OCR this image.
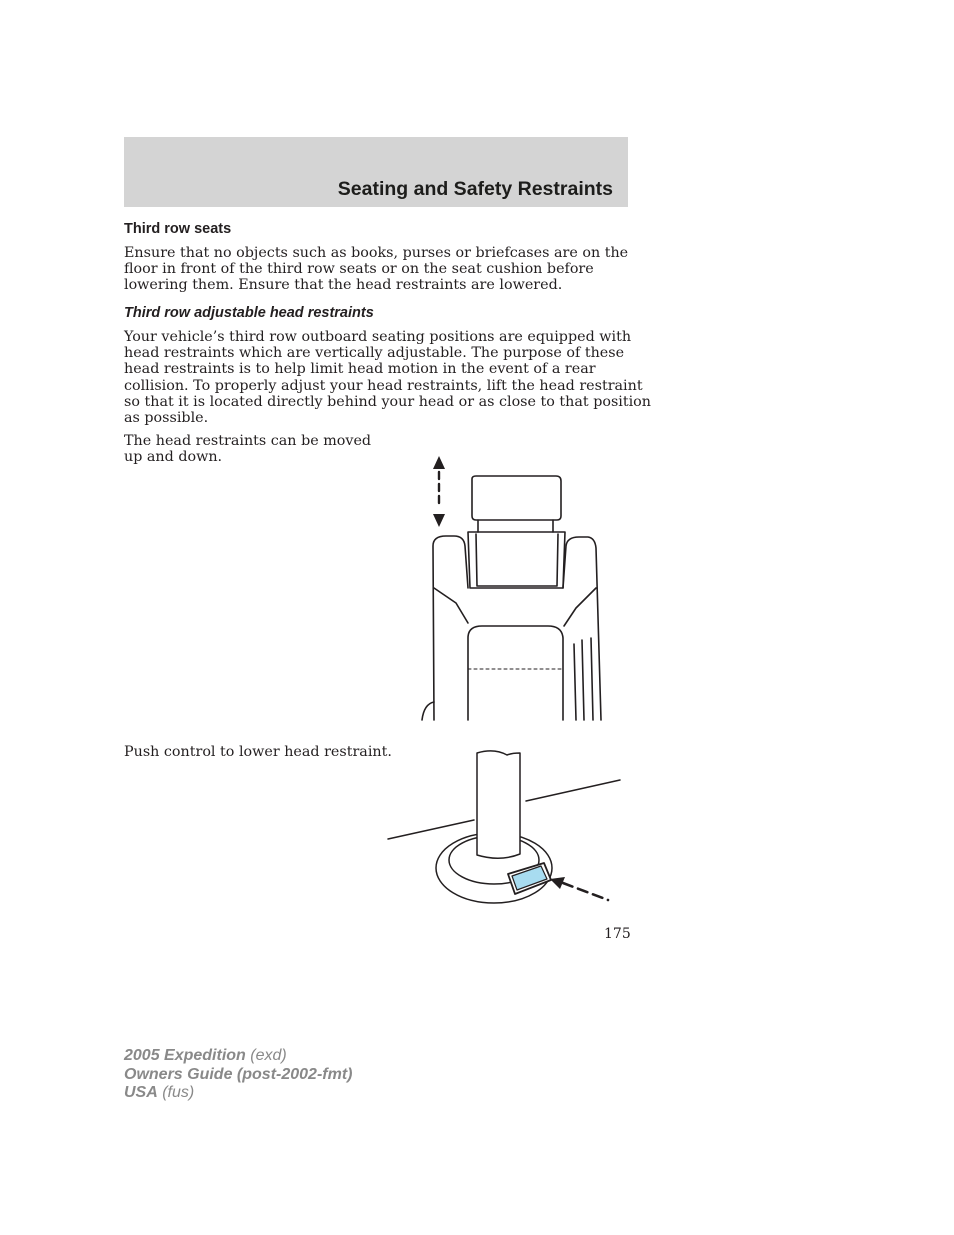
Seating and Safety Restraints
Third row seats

Ensure that no objects such as books, purses or briefcases are on the
floor in front of the third row seats or on the seat cushion before
lowering them. Ensure that the head restraints are lowered.

Third row adjustable head restraints

Your vehicle’s third row outboard seating positions are equipped with
head restraints which are vertically adjustable. The purpose of these
head restraints is to help limit head motion in the event of a rear
collision. To properly adjust your head restraints, lift the head restraint
so that it is located directly behind your head or as close to that position
as possible.

The head restraints can be moved
up and down.

Push control to lower head restraint.

175
2005 Expedition (exd)
Owners Guide (post-2002-fmt)
USA (fus)
